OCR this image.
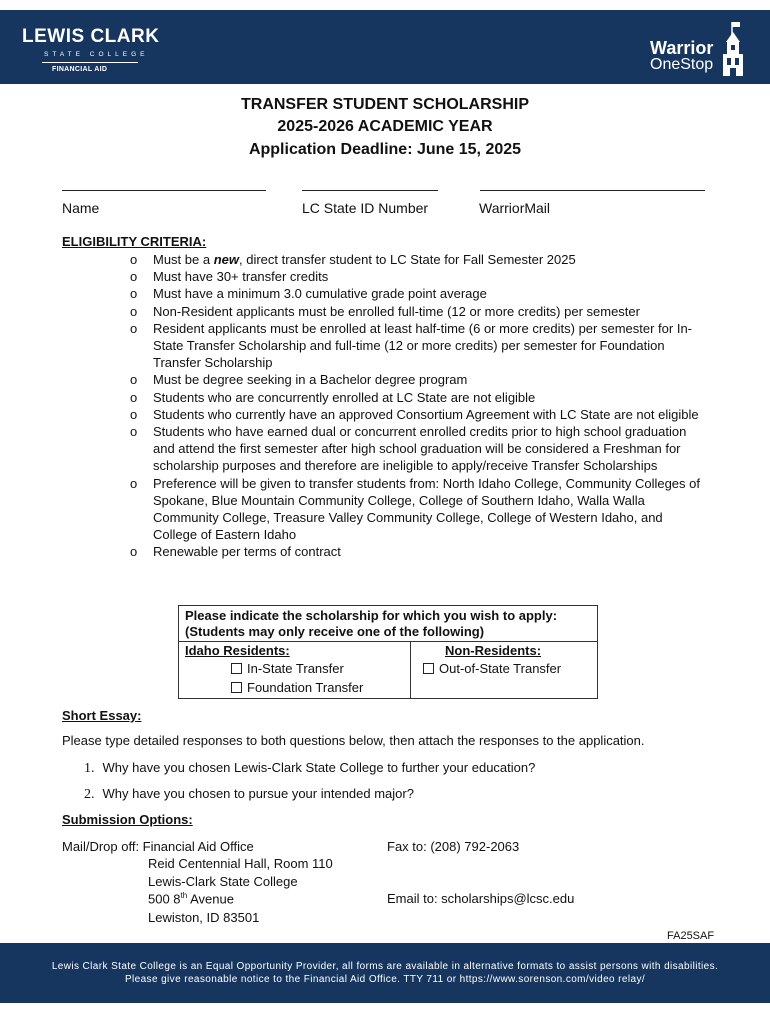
LEWIS CLARK
STATE COLLEGE
FINANCIAL AID
Warrior
OneStop
TRANSFER STUDENT SCHOLARSHIP
2025-2026 ACADEMIC YEAR
Application Deadline: June 15, 2025
Name	LC State ID Number	WarriorMail
ELIGIBILITY CRITERIA:
o Must be a new, direct transfer student to LC State for Fall Semester 2025
o Must have 30+ transfer credits
o Must have a minimum 3.0 cumulative grade point average
o Non-Resident applicants must be enrolled full-time (12 or more credits) per semester
o Resident applicants must be enrolled at least half-time (6 or more credits) per semester for In-State Transfer Scholarship and full-time (12 or more credits) per semester for Foundation Transfer Scholarship
o Must be degree seeking in a Bachelor degree program
o Students who are concurrently enrolled at LC State are not eligible
o Students who currently have an approved Consortium Agreement with LC State are not eligible
o Students who have earned dual or concurrent enrolled credits prior to high school graduation and attend the first semester after high school graduation will be considered a Freshman for scholarship purposes and therefore are ineligible to apply/receive Transfer Scholarships
o Preference will be given to transfer students from: North Idaho College, Community Colleges of Spokane, Blue Mountain Community College, College of Southern Idaho, Walla Walla Community College, Treasure Valley Community College, College of Western Idaho, and College of Eastern Idaho
o Renewable per terms of contract
Please indicate the scholarship for which you wish to apply:
(Students may only receive one of the following)
Idaho Residents:	Non-Residents:
In-State Transfer
Foundation Transfer
Out-of-State Transfer
Short Essay:
Please type detailed responses to both questions below, then attach the responses to the application.
1. Why have you chosen Lewis-Clark State College to further your education?
2. Why have you chosen to pursue your intended major?
Submission Options:
Mail/Drop off: Financial Aid Office
Reid Centennial Hall, Room 110
Lewis-Clark State College
500 8th Avenue
Lewiston, ID 83501
Fax to: (208) 792-2063
Email to: scholarships@lcsc.edu
FA25SAF
Lewis Clark State College is an Equal Opportunity Provider, all forms are available in alternative formats to assist persons with disabilities.
Please give reasonable notice to the Financial Aid Office. TTY 711 or https://www.sorenson.com/video relay/
